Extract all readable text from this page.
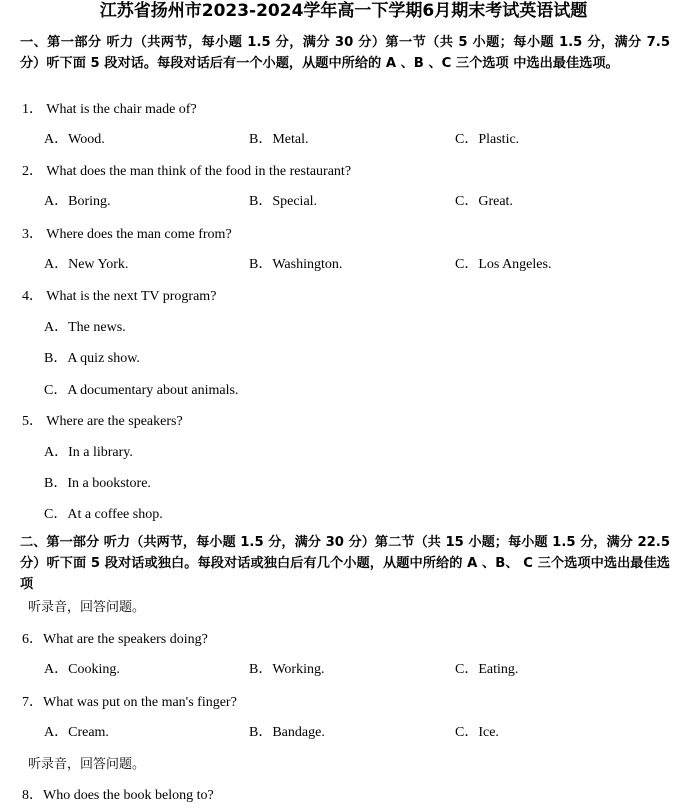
江苏省扬州市2023-2024学年高一下学期6月期末考试英语试题
一、第一部分 听力（共两节，每小题 1.5 分，满分 30 分）第一节（共 5 小题；每小题 1.5 分，满分 7.5 分）听下面 5 段对话。每段对话后有一个小题，从题中所给的 A 、B 、C 三个选项 中选出最佳选项。
1． What is the chair made of?
A．Wood.	B．Metal.	C．Plastic.
2． What does the man think of the food in the restaurant?
A．Boring.	B．Special.	C．Great.
3． Where does the man come from?
A．New York.	B．Washington.	C．Los Angeles.
4． What is the next TV program?
A．The news.
B．A quiz show.
C．A documentary about animals.
5． Where are the speakers?
A．In a library.
B．In a bookstore.
C．At a coffee shop.
二、第一部分 听力（共两节，每小题 1.5 分，满分 30 分）第二节（共 15 小题；每小题 1.5 分，满分 22.5 分）听下面 5 段对话或独白。每段对话或独白后有几个小题，从题中所给的 A 、B、 C 三个选项中选出最佳选项
听录音，回答问题。
6．What are the speakers doing?
A．Cooking.	B．Working.	C．Eating.
7．What was put on the man's finger?
A．Cream.	B．Bandage.	C．Ice.
听录音，回答问题。
8．Who does the book belong to?
